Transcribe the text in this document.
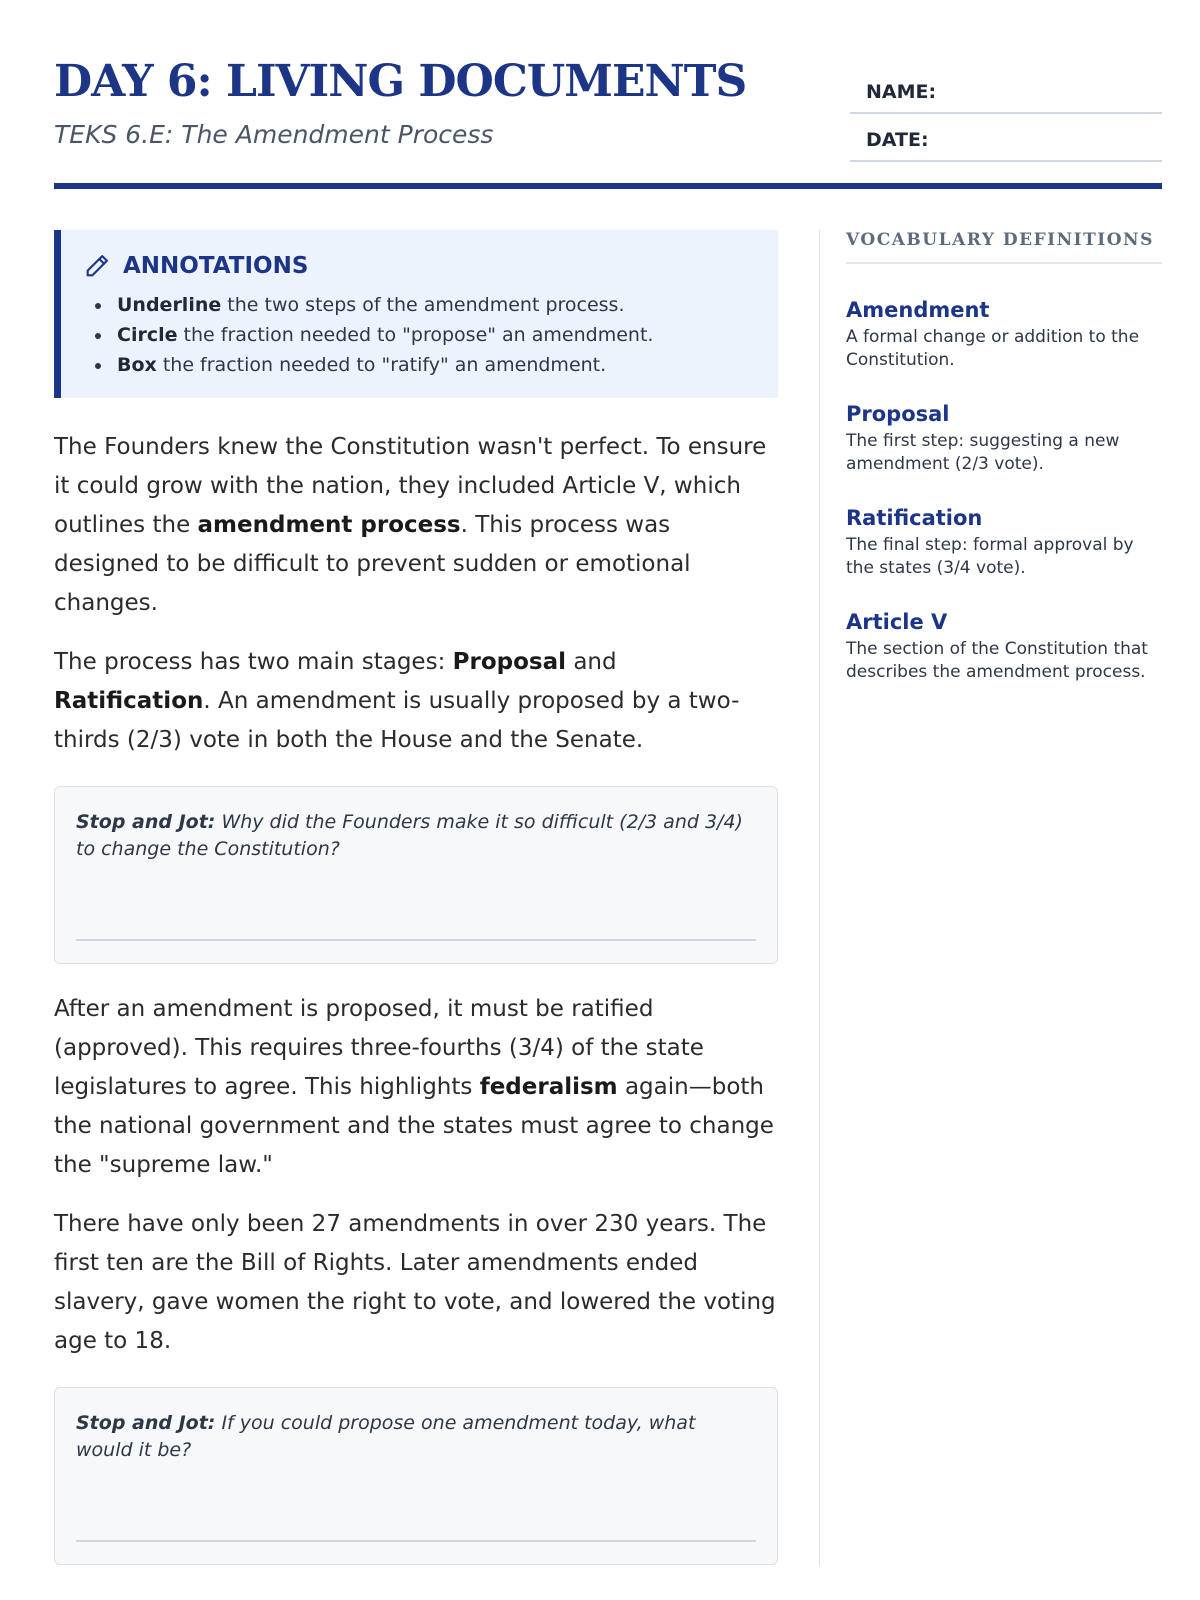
DAY 6: LIVING DOCUMENTS
TEKS 6.E: The Amendment Process
NAME:
DATE:
ANNOTATIONS
Underline the two steps of the amendment process.
Circle the fraction needed to "propose" an amendment.
Box the fraction needed to "ratify" an amendment.

The Founders knew the Constitution wasn't perfect. To ensure it could grow with the nation, they included Article V, which outlines the amendment process. This process was designed to be difficult to prevent sudden or emotional changes.

The process has two main stages: Proposal and Ratification. An amendment is usually proposed by a two-thirds (2/3) vote in both the House and the Senate.

Stop and Jot: Why did the Founders make it so difficult (2/3 and 3/4) to change the Constitution?

After an amendment is proposed, it must be ratified (approved). This requires three-fourths (3/4) of the state legislatures to agree. This highlights federalism again—both the national government and the states must agree to change the "supreme law."

There have only been 27 amendments in over 230 years. The first ten are the Bill of Rights. Later amendments ended slavery, gave women the right to vote, and lowered the voting age to 18.

Stop and Jot: If you could propose one amendment today, what would it be?

VOCABULARY DEFINITIONS
Amendment
A formal change or addition to the Constitution.
Proposal
The first step: suggesting a new amendment (2/3 vote).
Ratification
The final step: formal approval by the states (3/4 vote).
Article V
The section of the Constitution that describes the amendment process.
